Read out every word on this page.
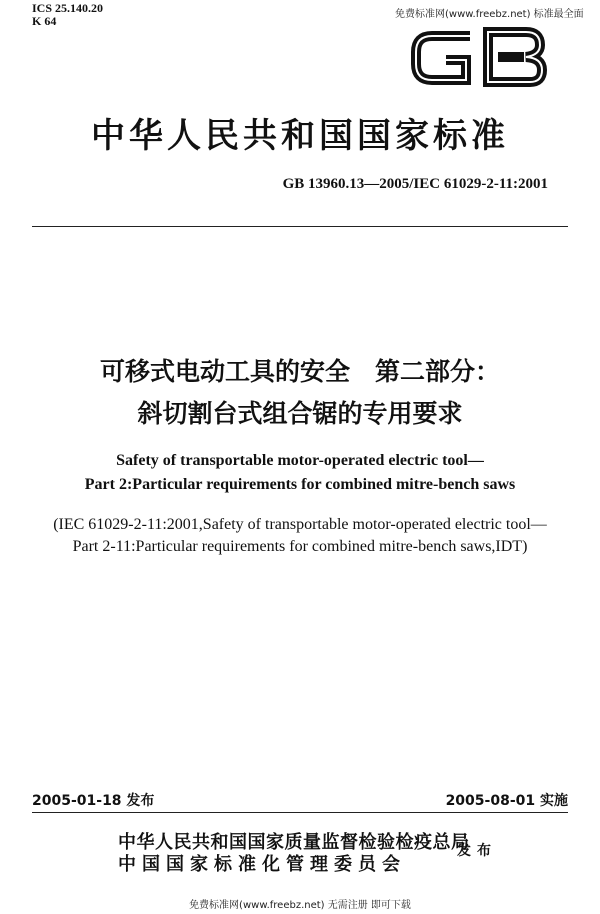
ICS 25.140.20
K 64	免费标准网(www.freebz.net) 标准最全面
中华人民共和国国家标准
GB 13960.13—2005/IEC 61029-2-11:2001
可移式电动工具的安全　第二部分：
斜切割台式组合锯的专用要求
Safety of transportable motor-operated electric tool—
Part 2:Particular requirements for combined mitre-bench saws
(IEC 61029-2-11:2001,Safety of transportable motor-operated electric tool—
Part 2-11:Particular requirements for combined mitre-bench saws,IDT)
2005-01-18 发布	2005-08-01 实施
中华人民共和国国家质量监督检验检疫总局
中国国家标准化管理委员会
发布
免费标准网(www.freebz.net) 无需注册 即可下载
